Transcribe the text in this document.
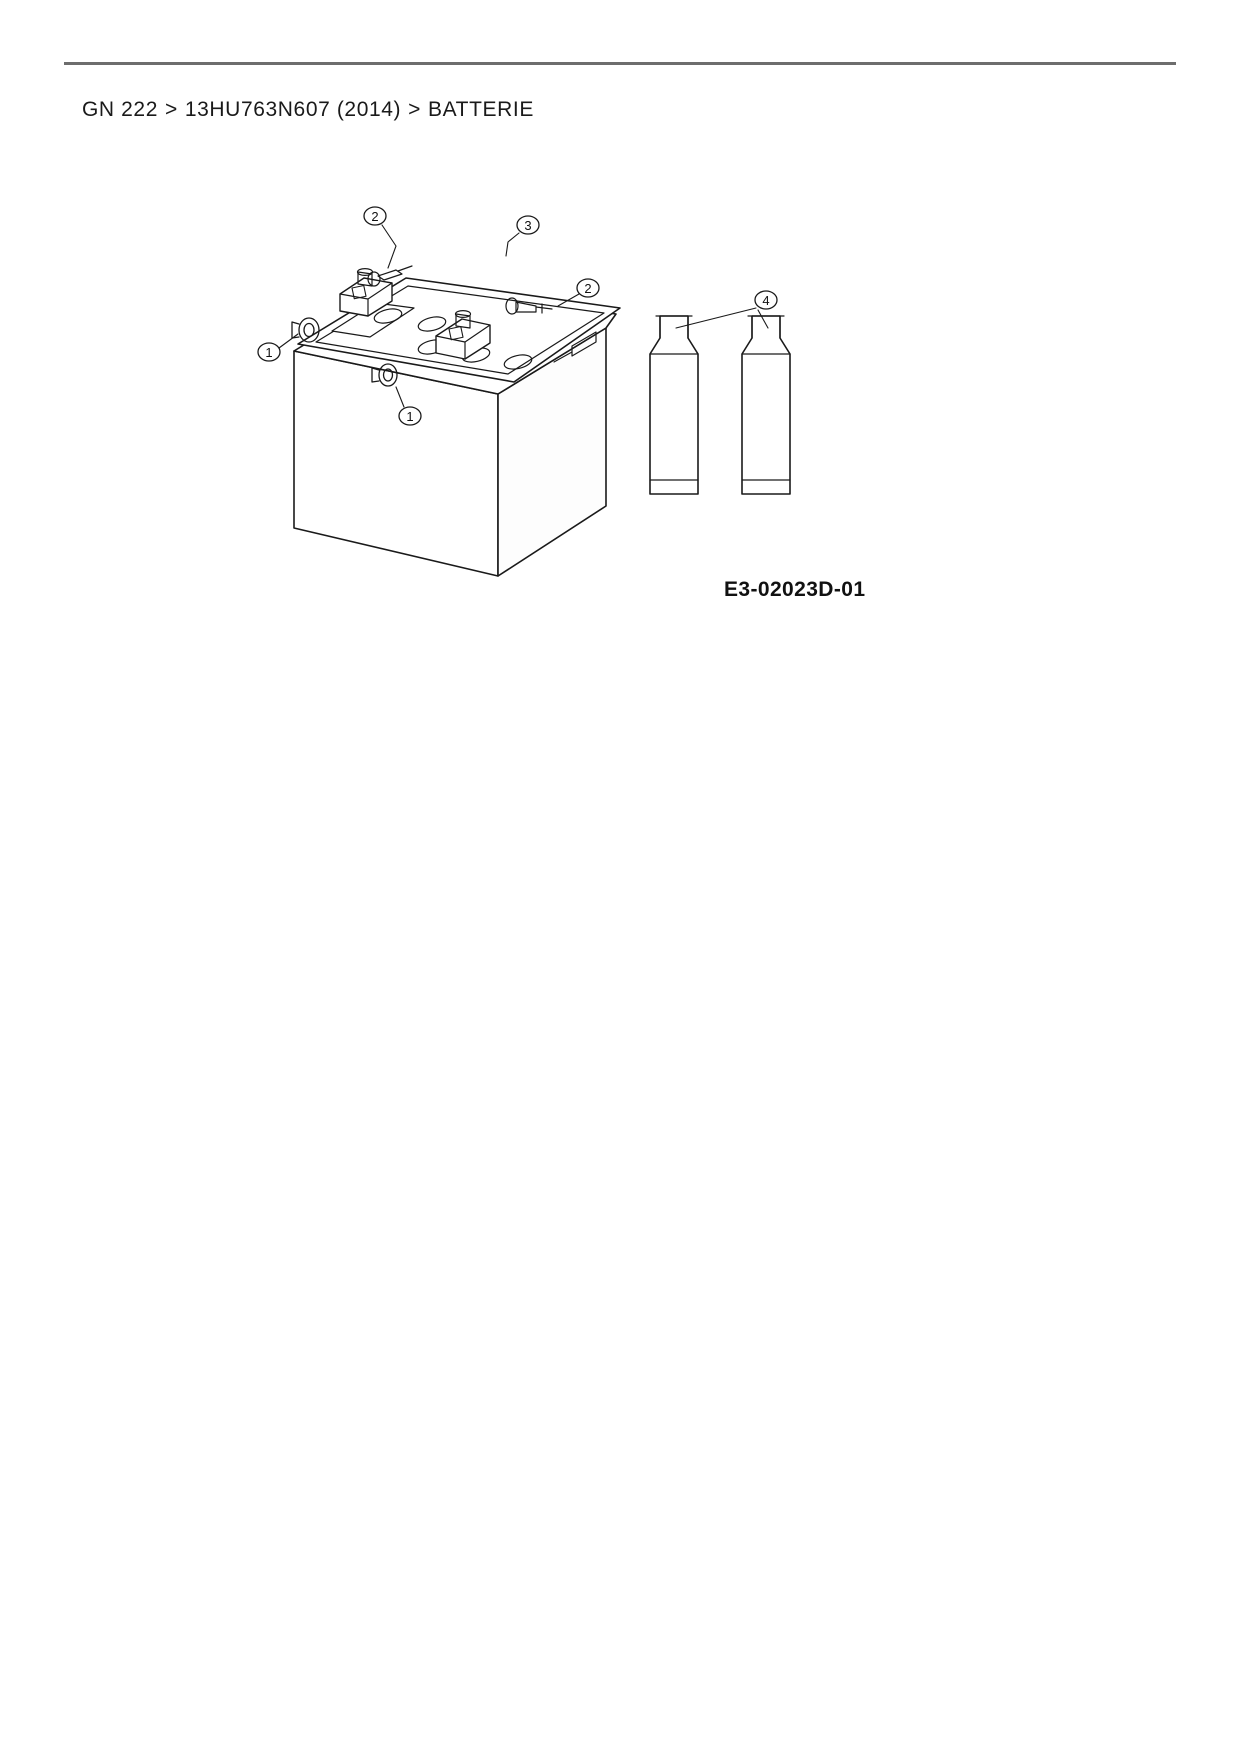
GN 222 > 13HU763N607 (2014) > BATTERIE
1
1
2
2
3
4
E3-02023D-01
